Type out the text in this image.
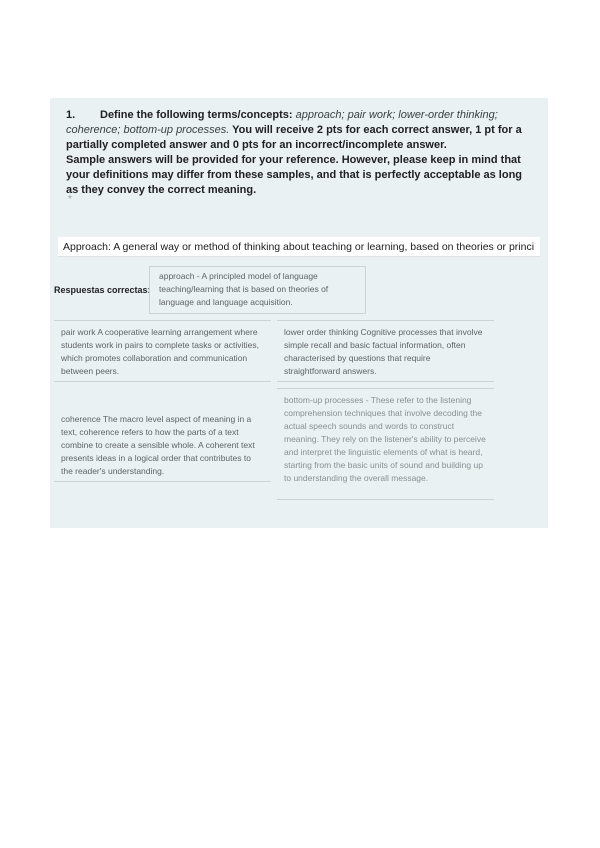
1. Define the following terms/concepts: approach; pair work; lower-order thinking; coherence; bottom-up processes. You will receive 2 pts for each correct answer, 1 pt for a partially completed answer and 0 pts for an incorrect/incomplete answer.
Sample answers will be provided for your reference. However, please keep in mind that your definitions may differ from these samples, and that is perfectly acceptable as long as they convey the correct meaning.
*
Approach: A general way or method of thinking about teaching or learning, based on theories or princi
Respuestas correctas:
approach - A principled model of language teaching/learning that is based on theories of language and language acquisition.
pair work A cooperative learning arrangement where students work in pairs to complete tasks or activities, which promotes collaboration and communication between peers.
lower order thinking Cognitive processes that involve simple recall and basic factual information, often characterised by questions that require straightforward answers.
coherence The macro level aspect of meaning in a text, coherence refers to how the parts of a text combine to create a sensible whole. A coherent text presents ideas in a logical order that contributes to the reader's understanding.
bottom-up processes - These refer to the listening comprehension techniques that involve decoding the actual speech sounds and words to construct meaning. They rely on the listener's ability to perceive and interpret the linguistic elements of what is heard, starting from the basic units of sound and building up to understanding the overall message.
